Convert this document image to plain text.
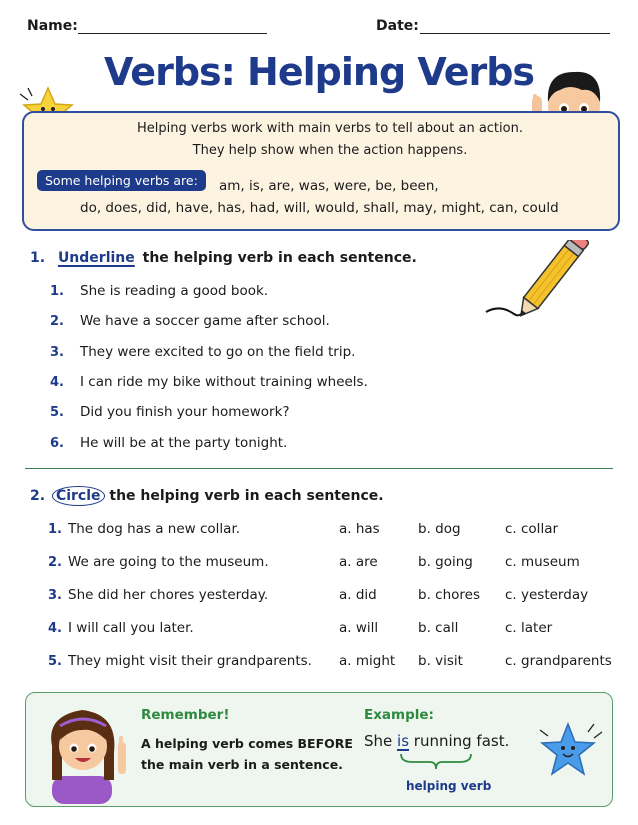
Name:	Date:
Verbs: Helping Verbs
Helping verbs work with main verbs to tell about an action.
They help show when the action happens.
Some helping verbs are:	am, is, are, was, were, be, been,
do, does, did, have, has, had, will, would, shall, may, might, can, could
1. Underline the helping verb in each sentence.
1. She is reading a good book.
2. We have a soccer game after school.
3. They were excited to go on the field trip.
4. I can ride my bike without training wheels.
5. Did you finish your homework?
6. He will be at the party tonight.
2. Circle the helping verb in each sentence.
1. The dog has a new collar.	a. has	b. dog	c. collar
2. We are going to the museum.	a. are	b. going c. museum
3. She did her chores yesterday.	a. did	b. chores c. yesterday
4. I will call you later.	a. will	b. call	c. later
5. They might visit their grandparents. a. might b. visit	c. grandparents
Remember!
A helping verb comes BEFORE
the main verb in a sentence.
Example:
She is running fast.
helping verb
